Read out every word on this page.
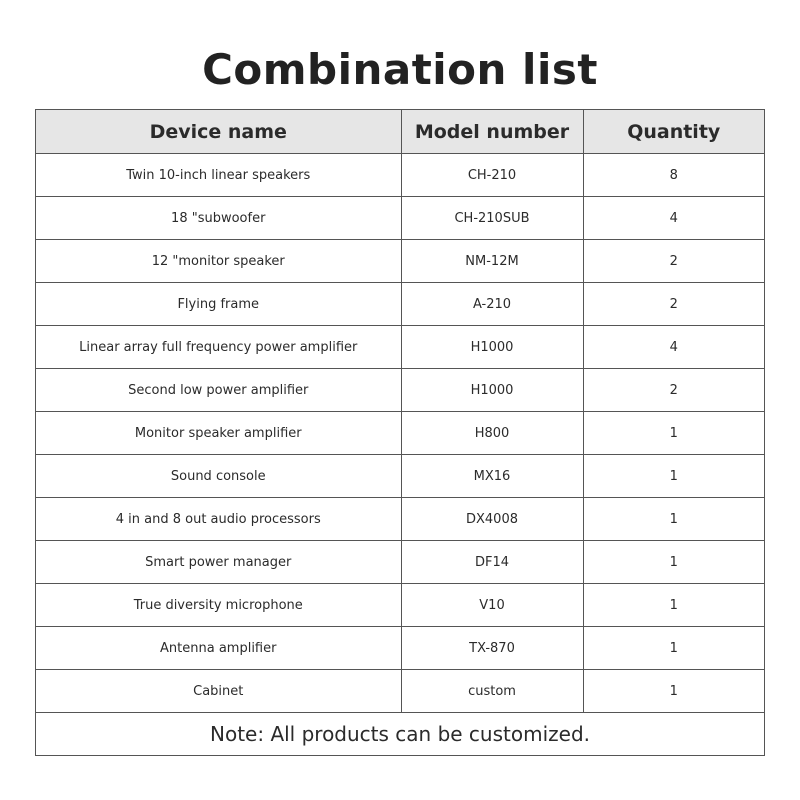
Combination list
Device name	Model number	Quantity
Twin 10-inch linear speakers	CH-210	8
18 "subwoofer	CH-210SUB	4
12 "monitor speaker	NM-12M	2
Flying frame	A-210	2
Linear array full frequency power amplifier	H1000	4
Second low power amplifier	H1000	2
Monitor speaker amplifier	H800	1
Sound console	MX16	1
4 in and 8 out audio processors	DX4008	1
Smart power manager	DF14	1
True diversity microphone	V10	1
Antenna amplifier	TX-870	1
Cabinet	custom	1
Note: All products can be customized.		
